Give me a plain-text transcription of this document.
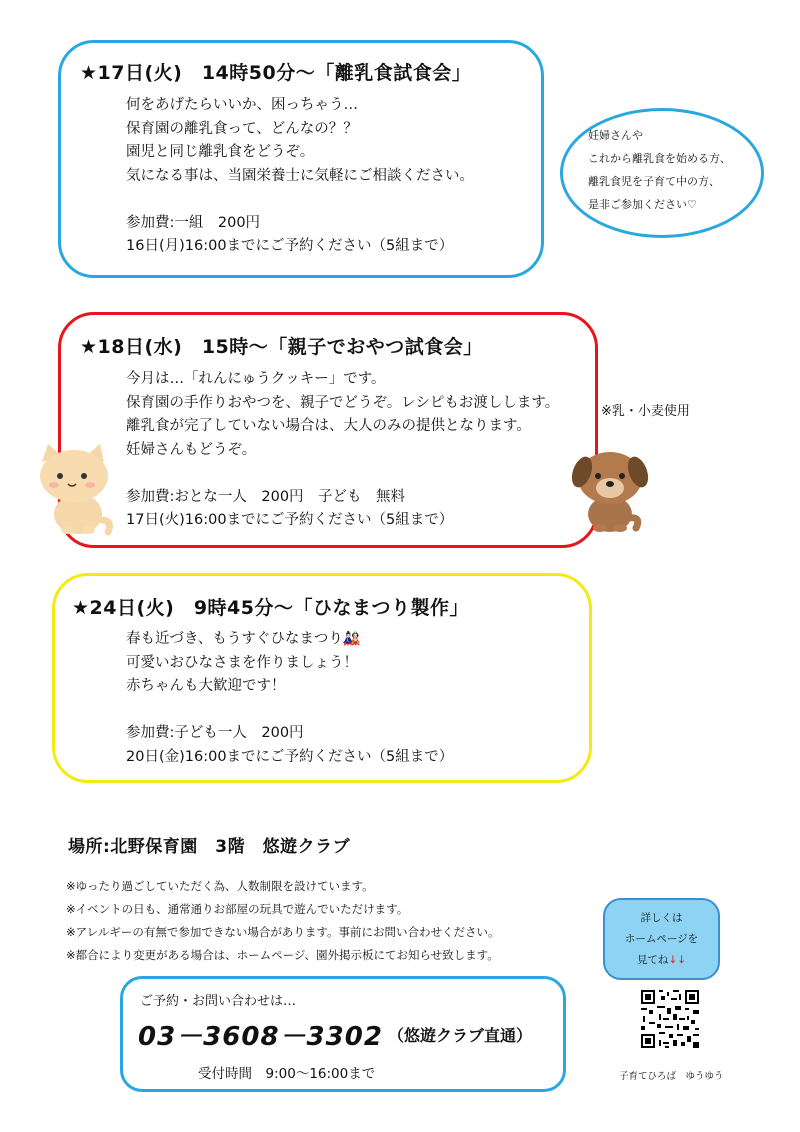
★17日(火)　14時50分～「離乳食試食会」
何をあげたらいいか、困っちゃう…
保育園の離乳食って、どんなの？？
園児と同じ離乳食をどうぞ。
気になる事は、当園栄養士に気軽にご相談ください。
参加費:一組　200円
16日(月)16:00までにご予約ください（5組まで）
妊婦さんや
これから離乳食を始める方、
離乳食児を子育て中の方、
是非ご参加ください♡
★18日(水)　15時～「親子でおやつ試食会」
今月は…「れんにゅうクッキー」です。
保育園の手作りおやつを、親子でどうぞ。レシピもお渡しします。
離乳食が完了していない場合は、大人のみの提供となります。
妊婦さんもどうぞ。
参加費:おとな一人　200円　子ども　無料
17日(火)16:00までにご予約ください（5組まで）
※乳・小麦使用
★24日(火)　9時45分～「ひなまつり製作」
春も近づき、もうすぐひなまつり🎎
可愛いおひなさまを作りましょう！
赤ちゃんも大歓迎です！
参加費:子ども一人　200円
20日(金)16:00までにご予約ください（5組まで）
場所:北野保育園　3階　悠遊クラブ
※ゆったり過ごしていただく為、人数制限を設けています。
※イベントの日も、通常通りお部屋の玩具で遊んでいただけます。
※アレルギーの有無で参加できない場合があります。事前にお問い合わせください。
※都合により変更がある場合は、ホームページ、園外掲示板にてお知らせ致します。
ご予約・お問い合わせは…
03－3608－3302 （悠遊クラブ直通）
受付時間　9:00～16:00まで
詳しくは
ホームページを
見てね↓↓
子育てひろば　ゆうゆう
